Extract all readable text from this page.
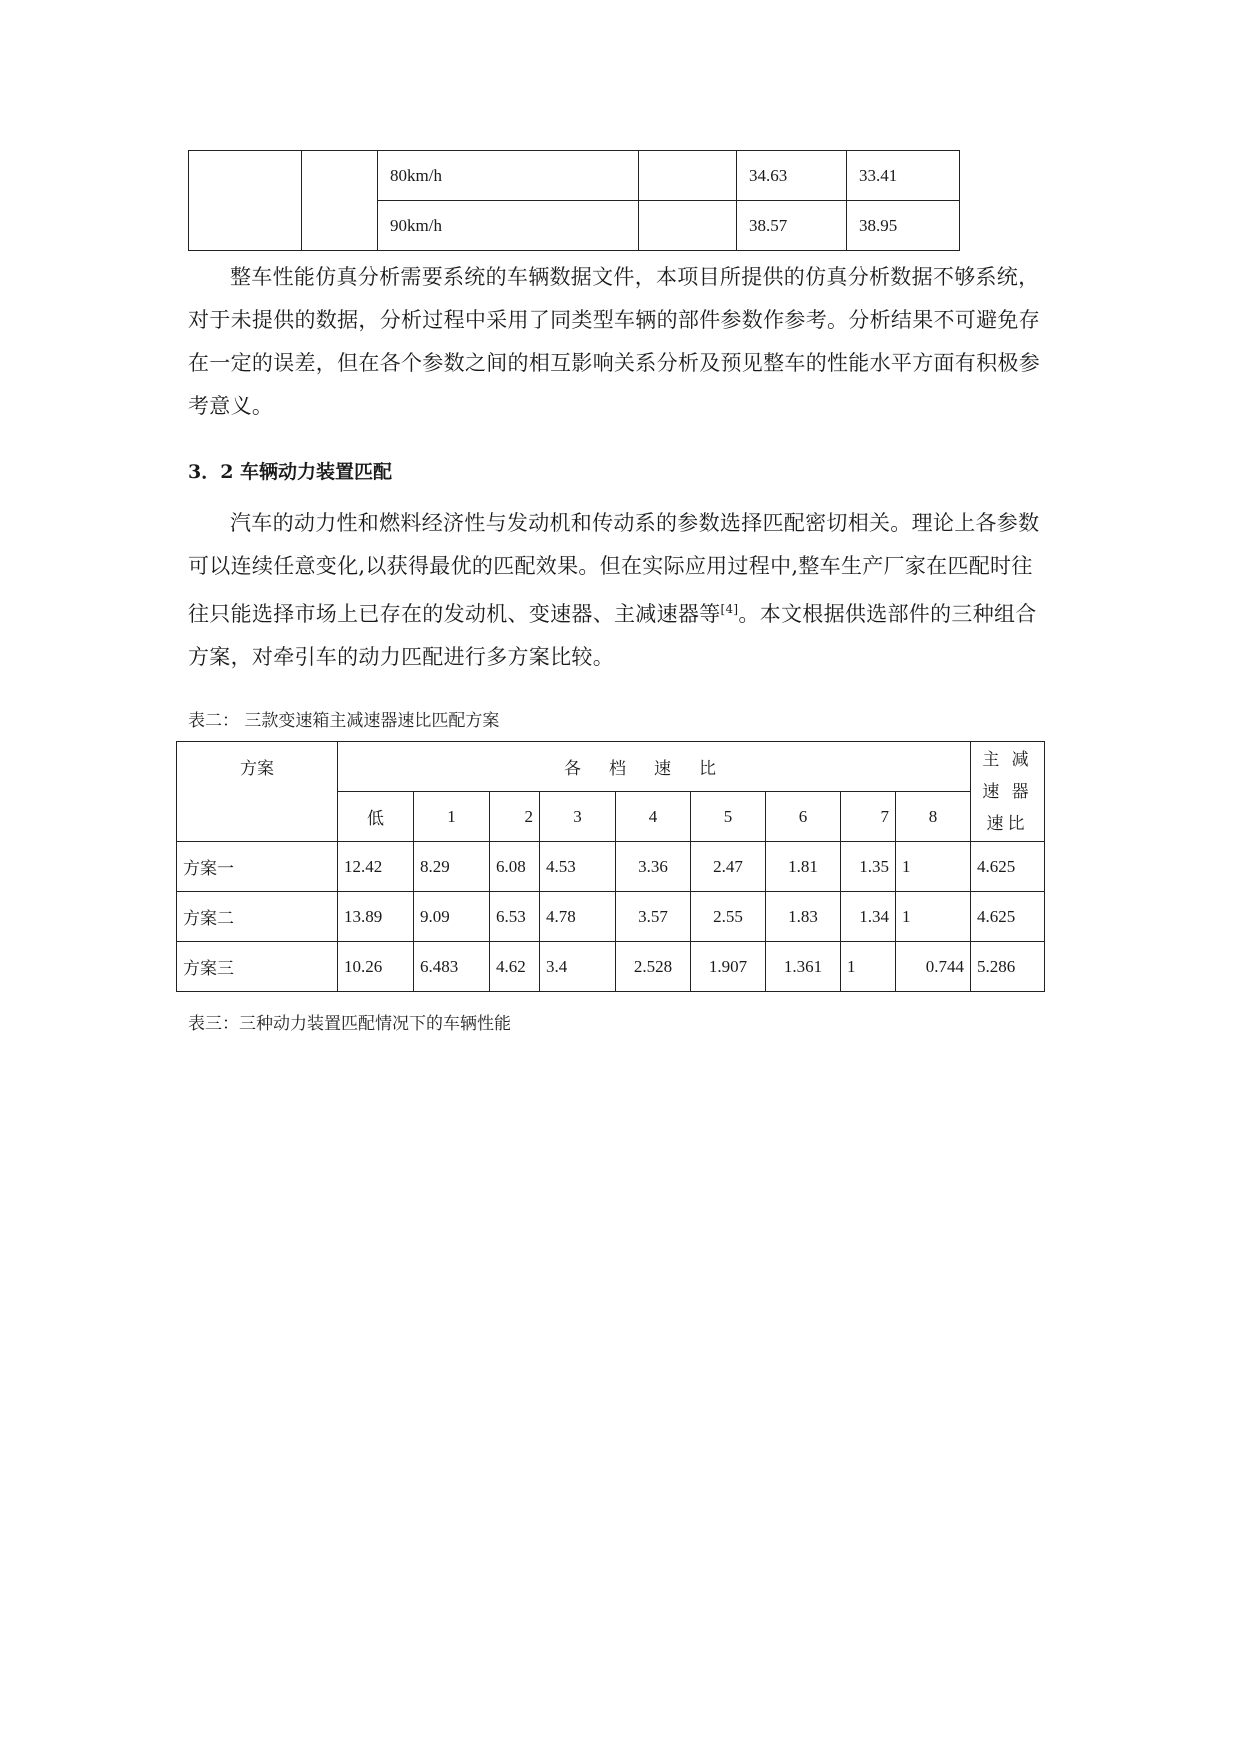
		80km/h		34.63	33.41
		90km/h		38.57	38.95
整车性能仿真分析需要系统的车辆数据文件，本项目所提供的仿真分析数据不够系统，
对于未提供的数据，分析过程中采用了同类型车辆的部件参数作参考。分析结果不可避免存
在一定的误差，但在各个参数之间的相互影响关系分析及预见整车的性能水平方面有积极参
考意义。
3．2 车辆动力装置匹配
汽车的动力性和燃料经济性与发动机和传动系的参数选择匹配密切相关。理论上各参数
可以连续任意变化,以获得最优的匹配效果。但在实际应用过程中,整车生产厂家在匹配时往
往只能选择市场上已存在的发动机、变速器、主减速器等[4]。本文根据供选部件的三种组合
方案，对牵引车的动力匹配进行多方案比较。
表二： 三款变速箱主减速器速比匹配方案
方案	各档速比									主 减
速 器
速比

	低	1	2	3	4	5	6	7	8	
方案一	12.42	8.29	6.08	4.53	3.36	2.47	1.81	1.35	1	4.625
方案二	13.89	9.09	6.53	4.78	3.57	2.55	1.83	1.34	1	4.625
方案三	10.26	6.483	4.62	3.4	2.528	1.907	1.361	1	0.744	5.286
表三：三种动力装置匹配情况下的车辆性能
